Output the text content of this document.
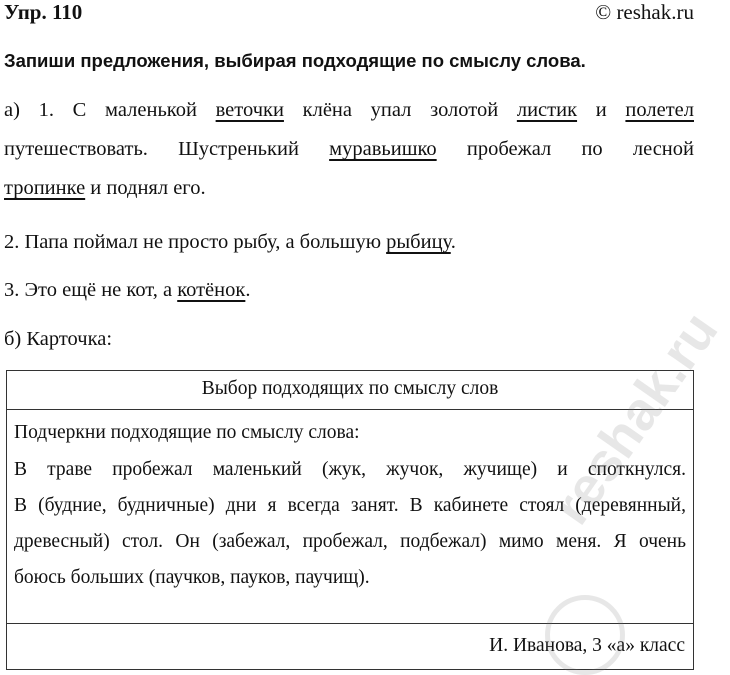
Упр. 110	© reshak.ru
Запиши предложения, выбирая подходящие по смыслу слова.
а) 1. С маленькой веточки клёна упал золотой листик и полетел
путешествовать. Шустренький муравьишко пробежал по лесной
тропинке и поднял его.
2. Папа поймал не просто рыбу, а большую рыбицу.
3. Это ещё не кот, а котёнок.
б) Карточка:
Выбор подходящих по смыслу слов
Подчеркни подходящие по смыслу слова:
В траве пробежал маленький (жук, жучок, жучище) и споткнулся.
В (будние, будничные) дни я всегда занят. В кабинете стоял (деревянный,
древесный) стол. Он (забежал, пробежал, подбежал) мимо меня. Я очень
боюсь больших (паучков, пауков, паучищ).
И. Иванова, 3 «а» класс
reshak.ru
